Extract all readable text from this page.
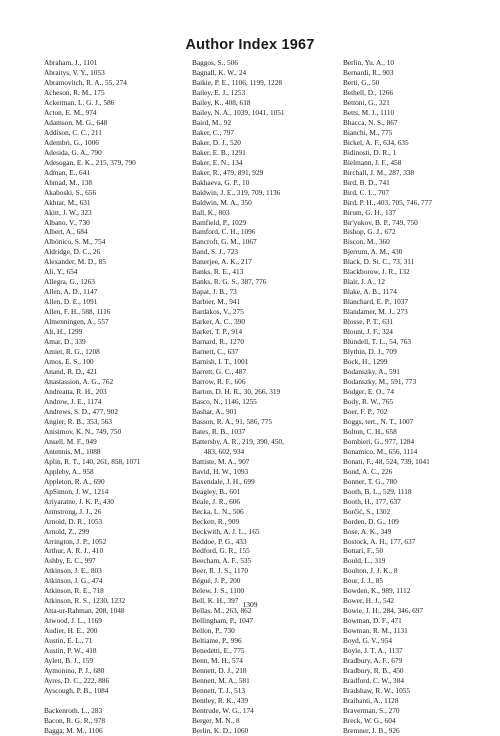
Author Index 1967
Abraham, J., 1101
Abraitys, V. Y., 1053
Abramovitch, R. A., 55, 274
Acheson, R. M., 175
Ackerman, L. G. J., 586
Acton, E. M., 974
Adamson, M. G., 648
Addison, C. C., 211
Adembri, G., 1006
Adesida, G. A., 790
Adesogan, E. K., 215, 379, 790
Adman, E., 641
Ahmad, M., 138
Akaboski, S., 656
Akhtar, M., 631
Akitt, J. W., 323
Albano, V., 730
Albert, A., 684
Albónico, S. M., 754
Aldridge, D. C., 26
Alexander, M. D., 85
Ali, Y., 654
Allegra, G., 1263
Allen, A. D., 1147
Allen, D. E., 1091
Allen, F. H., 588, 1116
Almenningen, A., 557
Alt, H., 1299
Amar, D., 339
Amiet, R. G., 1208
Amos, E. S., 100
Anand, R. D., 421
Anastassion, A. G., 762
Andreatta, R. H., 203
Andrew, J. E., 1174
Andrews, S. D., 477, 902
Angier, R. B., 353, 563
Anisimov, K. N., 749, 750
Ansell, M. F., 949
Antennis, M., 1088
Aplin, R. T., 140, 261, 858, 1071
Appleby, A., 958
Appleton, R. A., 690
ApSimon, J. W., 1214
Ariyaratne, J. K. P., 430
Armstrong, J. J., 26
Arnold, D. R., 1053
Arnold, Z., 299
Arrington, J. P., 1052
Arthur, A. R. J., 410
Ashby, E. C., 997
Atkinson, J. E., 803
Atkinson, J. G., 474
Atkinson, R. E., 718
Atkinson, R. S., 1230, 1232
Atta-ur-Rahman, 208, 1048
Atwood, J. L., 1169
Audier, H. E., 200
Austin, E. L., 71
Austin, P. W., 418
Aylett, B. J., 159
Aymonino, P. J., 680
Ayres, D. C., 222, 886
Ayscough, P. B., 1084
Backenroth, L., 283
Bacon, R. G. R., 978
Bagga, M. M., 1106
Baggos, S., 506
Bagnall, K. W., 24
Baikie, P. E., 1106, 1199, 1228
Bailey, E. J., 1253
Bailey, K., 408, 618
Bailey, N. A., 1039, 1041, 1051
Baird, M., 92
Baker, C., 797
Baker, D. J., 520
Baker, E. B., 1291
Baker, E. N., 134
Baker, R., 479, 891, 929
Bakhaeva, G. P., 10
Baldwin, J. E., 319, 709, 1136
Baldwin, M. A., 350
Ball, K., 803
Bamfield, P., 1029
Bamford, C. H., 1096
Bancroft, G. M., 1067
Band, S. J., 723
Banerjee, A. K., 217
Banks, R. E., 413
Banks, R. G. S., 387, 776
Bapat, J. B., 73
Barbier, M., 941
Bardakos, V., 275
Barker, A. C., 390
Barket, T. P., 914
Barnard, R., 1270
Barnett, C., 637
Barnish, I. T., 1001
Barrett, G. C., 487
Barrow, R. F., 606
Barton, D. H. R., 30, 266, 319
Basco, N., 1146, 1255
Bashar, A., 901
Basson, R. A., 91, 586, 775
Bates, R. B., 1037
Battersby, A. R., 219, 390, 450,
483, 602, 934
Battiste, M. A., 907
Bavid, H. W., 1093
Baxendale, J. H., 699
Beagley, B., 601
Beale, J. R., 606
Becka, L. N., 506
Beckett, R., 909
Beckwith, A. J. L., 165
Beddoe, P. G., 433
Bedford, G. R., 155
Beecham, A. F., 535
Beer, R. J. S., 1170
Bégué, J. P., 200
Belew, J. S., 1100
Bell, K. H., 397
Bellas, M., 263, 862
Bellingham, P., 1047
Bellon, P., 730
Beltiame, P., 996
Benedetti, E., 775
Benn, M. H., 574
Bennett, D. J., 218
Bennett, M. A., 581
Bennett, T. J., 513
Bentley, R. K., 439
Bentrude, W. G., 174
Berger, M. N., 8
Berlin, K. D., 1060
Berlin, Yu. A., 10
Bernardi, R., 903
Berti, G., 50
Bethell, D., 1266
Bettoni, G., 321
Betts, M. J., 1110
Bhacca, N. S., 867
Bianchi, M., 775
Bickel, A. F., 634, 635
Bidinosti, D. R., 1
Bielmann, J. F., 458
Birchall, J. M., 287, 338
Bird, B. D., 741
Bird, C. L., 707
Bird, P. H., 403, 705, 746, 777
Birum, G. H., 137
Bir'yukov, B. P., 749, 750
Bishop, G. J., 672
Biscon, M., 360
Bjerrum, A. M., 430
Black, D. St. C., 73, 311
Blackborow, J. R., 132
Blair, J. A., 12
Blake, A. B., 1174
Blanchard, E. P., 1037
Blandamer, M. J., 273
Blosse, P. T., 631
Blount, J. F., 324
Blundell, T. L., 54, 763
Blythin, D. J., 709
Bock, H., 1299
Bodanszky, A., 591
Bodanszky, M., 591, 773
Bodger, E. O., 74
Body, R. W., 765
Boer, F. P., 702
Boggs, tert., N. T., 1007
Bolton, C. H., 658
Bombieri, G., 977, 1284
Bonamico, M., 656, 1114
Bonati, F., 48, 524, 739, 1041
Bond, A. C., 226
Bonner, T. G., 780
Booth, B. L., 529, 1118
Booth, H., 177, 637
Borčić, S., 1302
Borden, D. G., 109
Bose, A. K., 349
Bostock, A. H., 177, 637
Bottari, F., 50
Bould, L., 319
Boulton, J. J. K., 8
Bour, J. J., 85
Bowden, K., 989, 1112
Bower, H. J., 542
Bowie, J. H., 284, 346, 697
Bowman, D. F., 471
Bowman, R. M., 1131
Boyd, G. V., 954
Boyle, J. T. A., 1137
Bradbury, A. F., 679
Bradbury, R. B., 450
Bradford, C. W., 384
Bradshaw, R. W., 1055
Braibanti, A., 1128
Braverman, S., 270
Breck, W. G., 604
Bremner, J. B., 926
1309
